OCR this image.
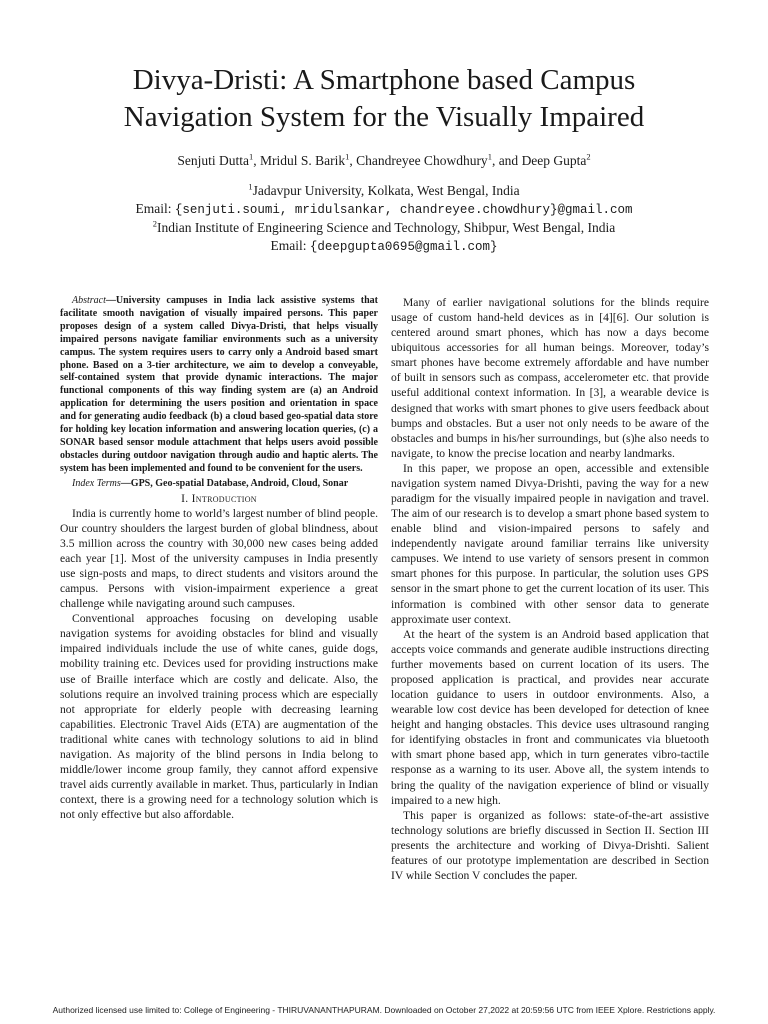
Divya-Dristi: A Smartphone based Campus
Navigation System for the Visually Impaired
Senjuti Dutta$^1$, Mridul S. Barik$^1$, Chandreyee Chowdhury$^1$, and Deep Gupta$^2$
$^1$Jadavpur University, Kolkata, West Bengal, India
Email: {senjuti.soumi, mridulsankar, chandreyee.chowdhury}@gmail.com
$^2$Indian Institute of Engineering Science and Technology, Shibpur, West Bengal, India
Email: {deepgupta0695@gmail.com}

Abstract—University campuses in India lack assistive systems that facilitate smooth navigation of visually impaired persons. This paper proposes design of a system called Divya-Dristi, that helps visually impaired persons navigate familiar environments such as a university campus. The system requires users to carry only a Android based smart phone. Based on a 3-tier architecture, we aim to develop a conveyable, self-contained system that provide dynamic interactions. The major functional components of this way finding system are (a) an Android application for determining the users position and orientation in space and for generating audio feedback (b) a cloud based geo-spatial data store for holding key location information and answering location queries, (c) a SONAR based sensor module attachment that helps users avoid possible obstacles during outdoor navigation through audio and haptic alerts. The system has been implemented and found to be convenient for the users.

Index Terms—GPS, Geo-spatial Database, Android, Cloud, Sonar

I. Introduction

India is currently home to world’s largest number of blind people. Our country shoulders the largest burden of global blindness, about 3.5 million across the country with 30,000 new cases being added each year [1]. Most of the university campuses in India presently use sign-posts and maps, to direct students and visitors around the campus. Persons with vision-impairment experience a great challenge while navigating around such campuses.

Conventional approaches focusing on developing usable navigation systems for avoiding obstacles for blind and visually impaired individuals include the use of white canes, guide dogs, mobility training etc. Devices used for providing instructions make use of Braille interface which are costly and delicate. Also, the solutions require an involved training process which are especially not appropriate for elderly people with decreasing learning capabilities. Electronic Travel Aids (ETA) are augmentation of the traditional white canes with technology solutions to aid in blind navigation. As majority of the blind persons in India belong to middle/lower income group family, they cannot afford expensive travel aids currently available in market. Thus, particularly in Indian context, there is a growing need for a technology solution which is not only effective but also affordable.

Many of earlier navigational solutions for the blinds require usage of custom hand-held devices as in [4][6]. Our solution is centered around smart phones, which has now a days become ubiquitous accessories for all human beings. Moreover, today’s smart phones have become extremely affordable and have number of built in sensors such as compass, accelerometer etc. that provide useful additional context information. In [3], a wearable device is designed that works with smart phones to give users feedback about bumps and obstacles. But a user not only needs to be aware of the obstacles and bumps in his/her surroundings, but (s)he also needs to navigate, to know the precise location and nearby landmarks.

In this paper, we propose an open, accessible and extensible navigation system named Divya-Drishti, paving the way for a new paradigm for the visually impaired people in navigation and travel. The aim of our research is to develop a smart phone based system to enable blind and vision-impaired persons to safely and independently navigate around familiar terrains like university campuses. We intend to use variety of sensors present in common smart phones for this purpose. In particular, the solution uses GPS sensor in the smart phone to get the current location of its user. This information is combined with other sensor data to generate approximate user context.

At the heart of the system is an Android based application that accepts voice commands and generate audible instructions directing further movements based on current location of its users. The proposed application is practical, and provides near accurate location guidance to users in outdoor environments. Also, a wearable low cost device has been developed for detection of knee height and hanging obstacles. This device uses ultrasound ranging for identifying obstacles in front and communicates via bluetooth with smart phone based app, which in turn generates vibro-tactile response as a warning to its user. Above all, the system intends to bring the quality of the navigation experience of blind or visually impaired to a new high.

This paper is organized as follows: state-of-the-art assistive technology solutions are briefly discussed in Section II. Section III presents the architecture and working of Divya-Drishti. Salient features of our prototype implementation are described in Section IV while Section V concludes the paper.

Authorized licensed use limited to: College of Engineering - THIRUVANANTHAPURAM. Downloaded on October 27,2022 at 20:59:56 UTC from IEEE Xplore. Restrictions apply.
